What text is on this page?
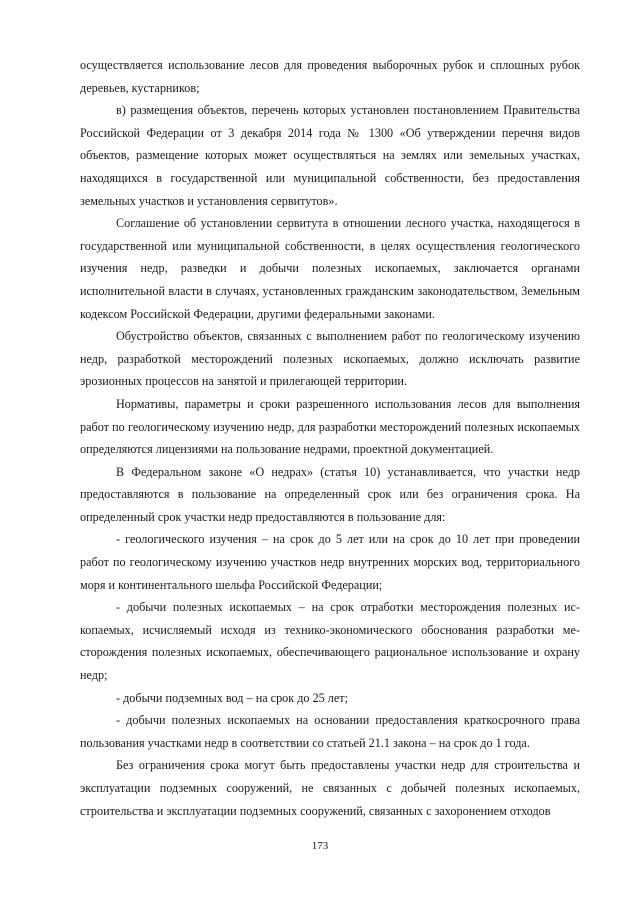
осуществляется использование лесов для проведения выборочных рубок и сплошных рубок деревьев, кустарников;

в) размещения объектов, перечень которых установлен постановлением Правительства Российской Федерации от 3 декабря 2014 года № 1300 «Об утверждении перечня видов объектов, размещение которых может осуществляться на землях или земельных участках, находящихся в государственной или муниципальной собственности, без предоставления земельных участков и установления сервитутов».

Соглашение об установлении сервитута в отношении лесного участка, находящегося в государственной или муниципальной собственности, в целях осуществления геологического изучения недр, разведки и добычи полезных ископаемых, заключается органами исполнительной власти в случаях, установленных гражданским законодательством, Земельным кодексом Российской Федерации, другими федеральными законами.

Обустройство объектов, связанных с выполнением работ по геологическому изучению недр, разработкой месторождений полезных ископаемых, должно исключать развитие эрозионных процессов на занятой и прилегающей территории.

Нормативы, параметры и сроки разрешенного использования лесов для выполнения работ по геологическому изучению недр, для разработки месторождений полезных ископаемых определяются лицензиями на пользование недрами, проектной документацией.

В Федеральном законе «О недрах» (статья 10) устанавливается, что участки недр предоставляются в пользование на определенный срок или без ограничения срока. На определенный срок участки недр предоставляются в пользование для:

- геологического изучения – на срок до 5 лет или на срок до 10 лет при проведении работ по геологическому изучению участков недр внутренних морских вод, территориального моря и континентального шельфа Российской Федерации;

- добычи полезных ископаемых – на срок отработки месторождения полезных ископаемых, исчисляемый исходя из технико-экономического обоснования разработки месторождения полезных ископаемых, обеспечивающего рациональное использование и охрану недр;

- добычи подземных вод – на срок до 25 лет;

- добычи полезных ископаемых на основании предоставления краткосрочного права пользования участками недр в соответствии со статьей 21.1 закона – на срок до 1 года.

Без ограничения срока могут быть предоставлены участки недр для строительства и эксплуатации подземных сооружений, не связанных с добычей полезных ископаемых, строительства и эксплуатации подземных сооружений, связанных с захоронением отходов

173
